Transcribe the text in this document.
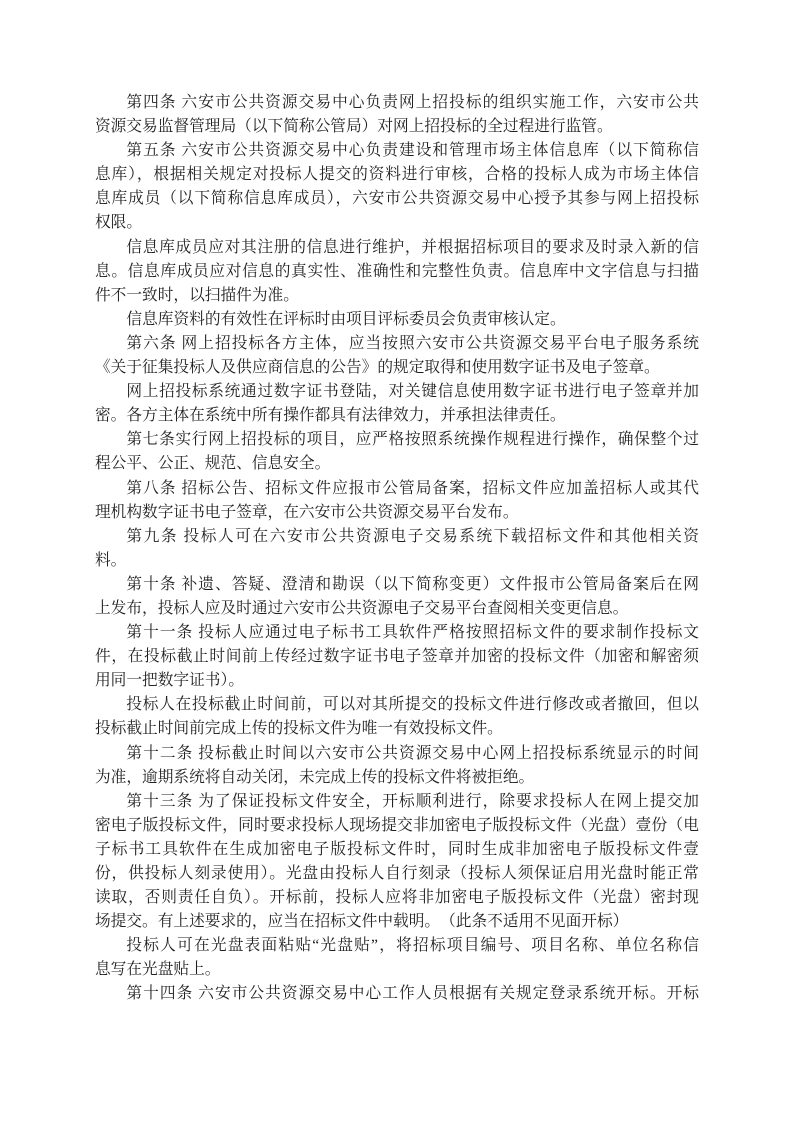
第四条 六安市公共资源交易中心负责网上招投标的组织实施工作，六安市公共
资源交易监督管理局（以下简称公管局）对网上招投标的全过程进行监管。
第五条 六安市公共资源交易中心负责建设和管理市场主体信息库（以下简称信
息库），根据相关规定对投标人提交的资料进行审核，合格的投标人成为市场主体信
息库成员（以下简称信息库成员），六安市公共资源交易中心授予其参与网上招投标
权限。
信息库成员应对其注册的信息进行维护，并根据招标项目的要求及时录入新的信
息。信息库成员应对信息的真实性、准确性和完整性负责。信息库中文字信息与扫描
件不一致时，以扫描件为准。
信息库资料的有效性在评标时由项目评标委员会负责审核认定。
第六条 网上招投标各方主体，应当按照六安市公共资源交易平台电子服务系统
《关于征集投标人及供应商信息的公告》的规定取得和使用数字证书及电子签章。
网上招投标系统通过数字证书登陆，对关键信息使用数字证书进行电子签章并加
密。各方主体在系统中所有操作都具有法律效力，并承担法律责任。
第七条实行网上招投标的项目，应严格按照系统操作规程进行操作，确保整个过
程公平、公正、规范、信息安全。
第八条 招标公告、招标文件应报市公管局备案，招标文件应加盖招标人或其代
理机构数字证书电子签章，在六安市公共资源交易平台发布。
第九条 投标人可在六安市公共资源电子交易系统下载招标文件和其他相关资
料。
第十条 补遗、答疑、澄清和勘误（以下简称变更）文件报市公管局备案后在网
上发布，投标人应及时通过六安市公共资源电子交易平台查阅相关变更信息。
第十一条 投标人应通过电子标书工具软件严格按照招标文件的要求制作投标文
件，在投标截止时间前上传经过数字证书电子签章并加密的投标文件（加密和解密须
用同一把数字证书）。
投标人在投标截止时间前，可以对其所提交的投标文件进行修改或者撤回，但以
投标截止时间前完成上传的投标文件为唯一有效投标文件。
第十二条 投标截止时间以六安市公共资源交易中心网上招投标系统显示的时间
为准，逾期系统将自动关闭，未完成上传的投标文件将被拒绝。
第十三条 为了保证投标文件安全，开标顺利进行，除要求投标人在网上提交加
密电子版投标文件，同时要求投标人现场提交非加密电子版投标文件（光盘）壹份（电
子标书工具软件在生成加密电子版投标文件时，同时生成非加密电子版投标文件壹
份，供投标人刻录使用）。光盘由投标人自行刻录（投标人须保证启用光盘时能正常
读取，否则责任自负）。开标前，投标人应将非加密电子版投标文件（光盘）密封现
场提交。有上述要求的，应当在招标文件中载明。　（此条不适用不见面开标）
投标人可在光盘表面粘贴“光盘贴”，将招标项目编号、项目名称、单位名称信
息写在光盘贴上。
第十四条 六安市公共资源交易中心工作人员根据有关规定登录系统开标。开标
